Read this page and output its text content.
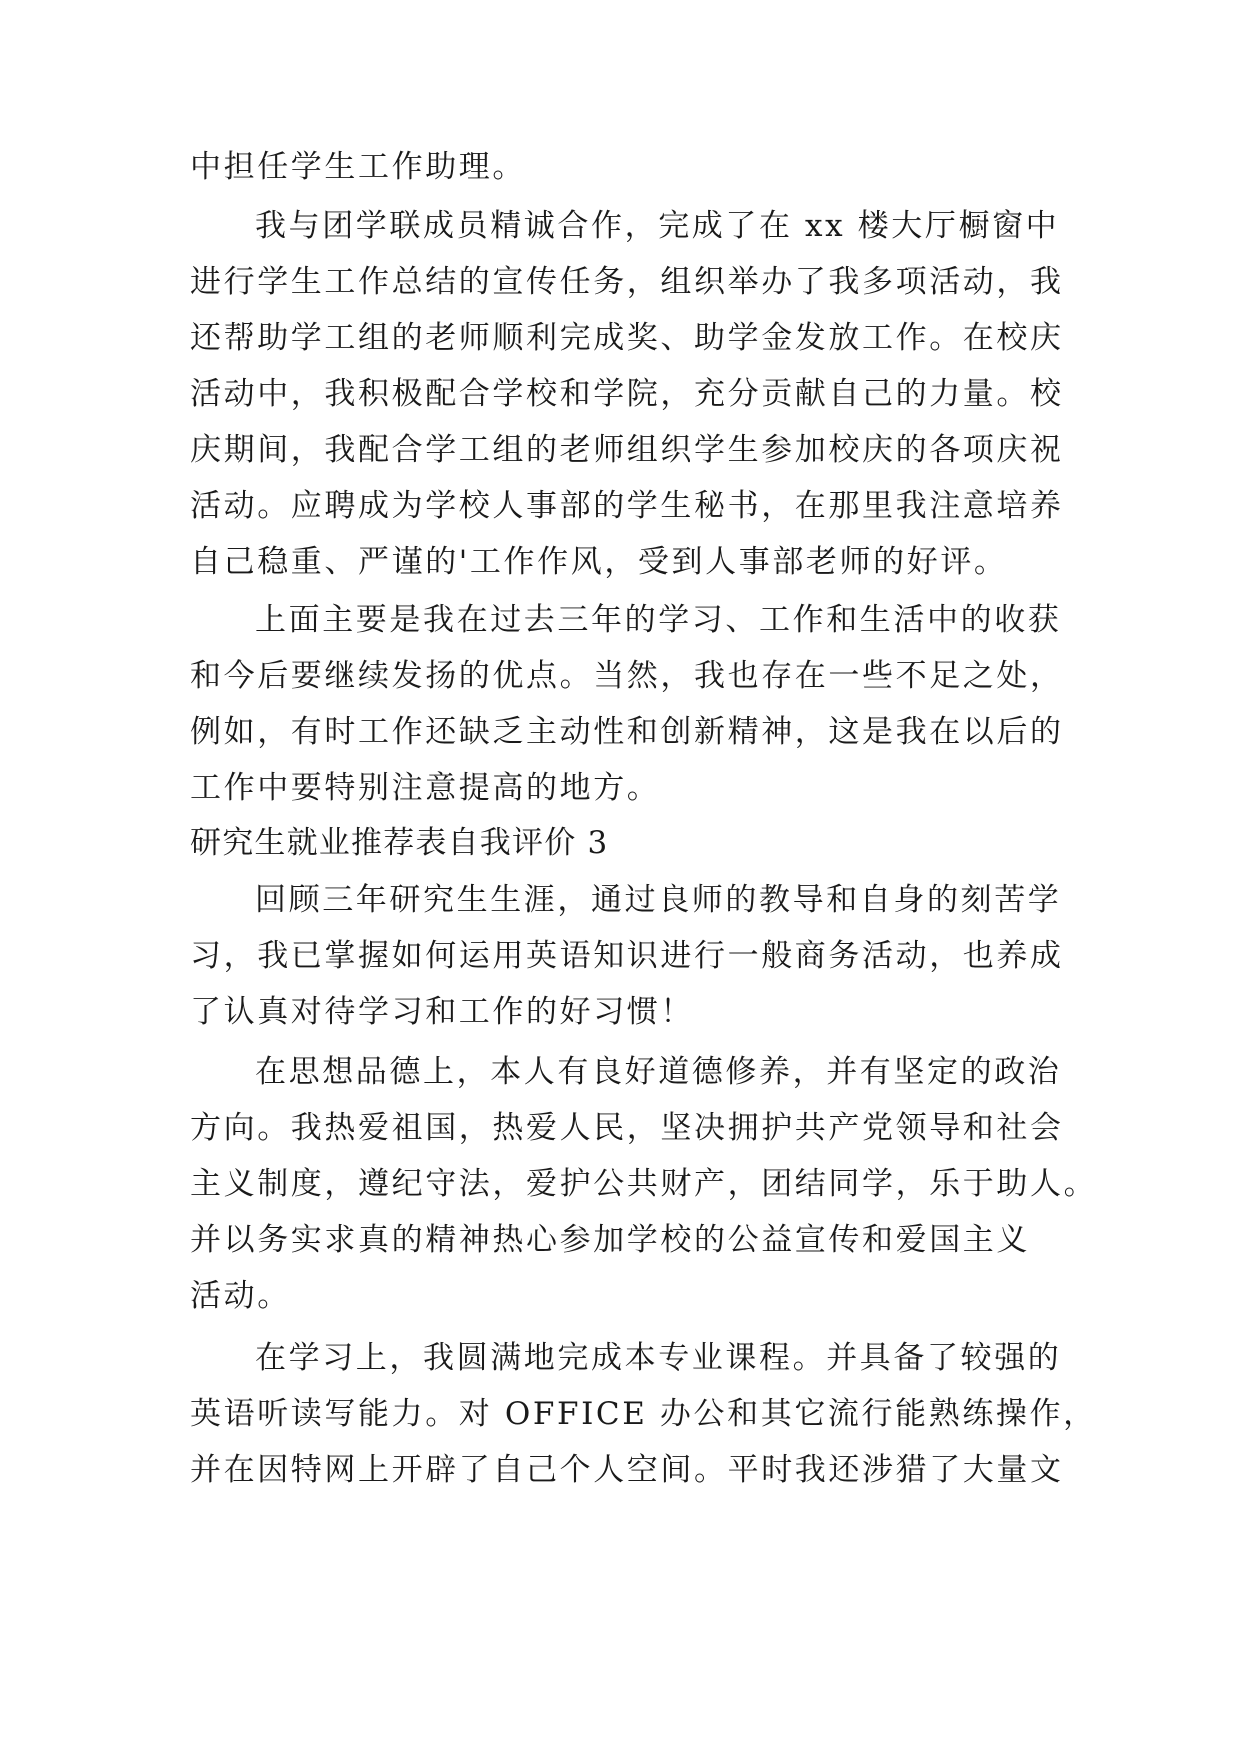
中担任学生工作助理。
我与团学联成员精诚合作，完成了在 xx 楼大厅橱窗中
进行学生工作总结的宣传任务，组织举办了我多项活动，我
还帮助学工组的老师顺利完成奖、助学金发放工作。在校庆
活动中，我积极配合学校和学院，充分贡献自己的力量。校
庆期间，我配合学工组的老师组织学生参加校庆的各项庆祝
活动。应聘成为学校人事部的学生秘书，在那里我注意培养
自己稳重、严谨的'工作作风，受到人事部老师的好评。
上面主要是我在过去三年的学习、工作和生活中的收获
和今后要继续发扬的优点。当然，我也存在一些不足之处，
例如，有时工作还缺乏主动性和创新精神，这是我在以后的
工作中要特别注意提高的地方。
研究生就业推荐表自我评价 3
回顾三年研究生生涯，通过良师的教导和自身的刻苦学
习，我已掌握如何运用英语知识进行一般商务活动，也养成
了认真对待学习和工作的好习惯！
在思想品德上，本人有良好道德修养，并有坚定的政治
方向。我热爱祖国，热爱人民，坚决拥护共产党领导和社会
主义制度，遵纪守法，爱护公共财产，团结同学，乐于助人。
并以务实求真的精神热心参加学校的公益宣传和爱国主义
活动。
在学习上，我圆满地完成本专业课程。并具备了较强的
英语听读写能力。对 OFFICE 办公和其它流行能熟练操作，
并在因特网上开辟了自己个人空间。平时我还涉猎了大量文
